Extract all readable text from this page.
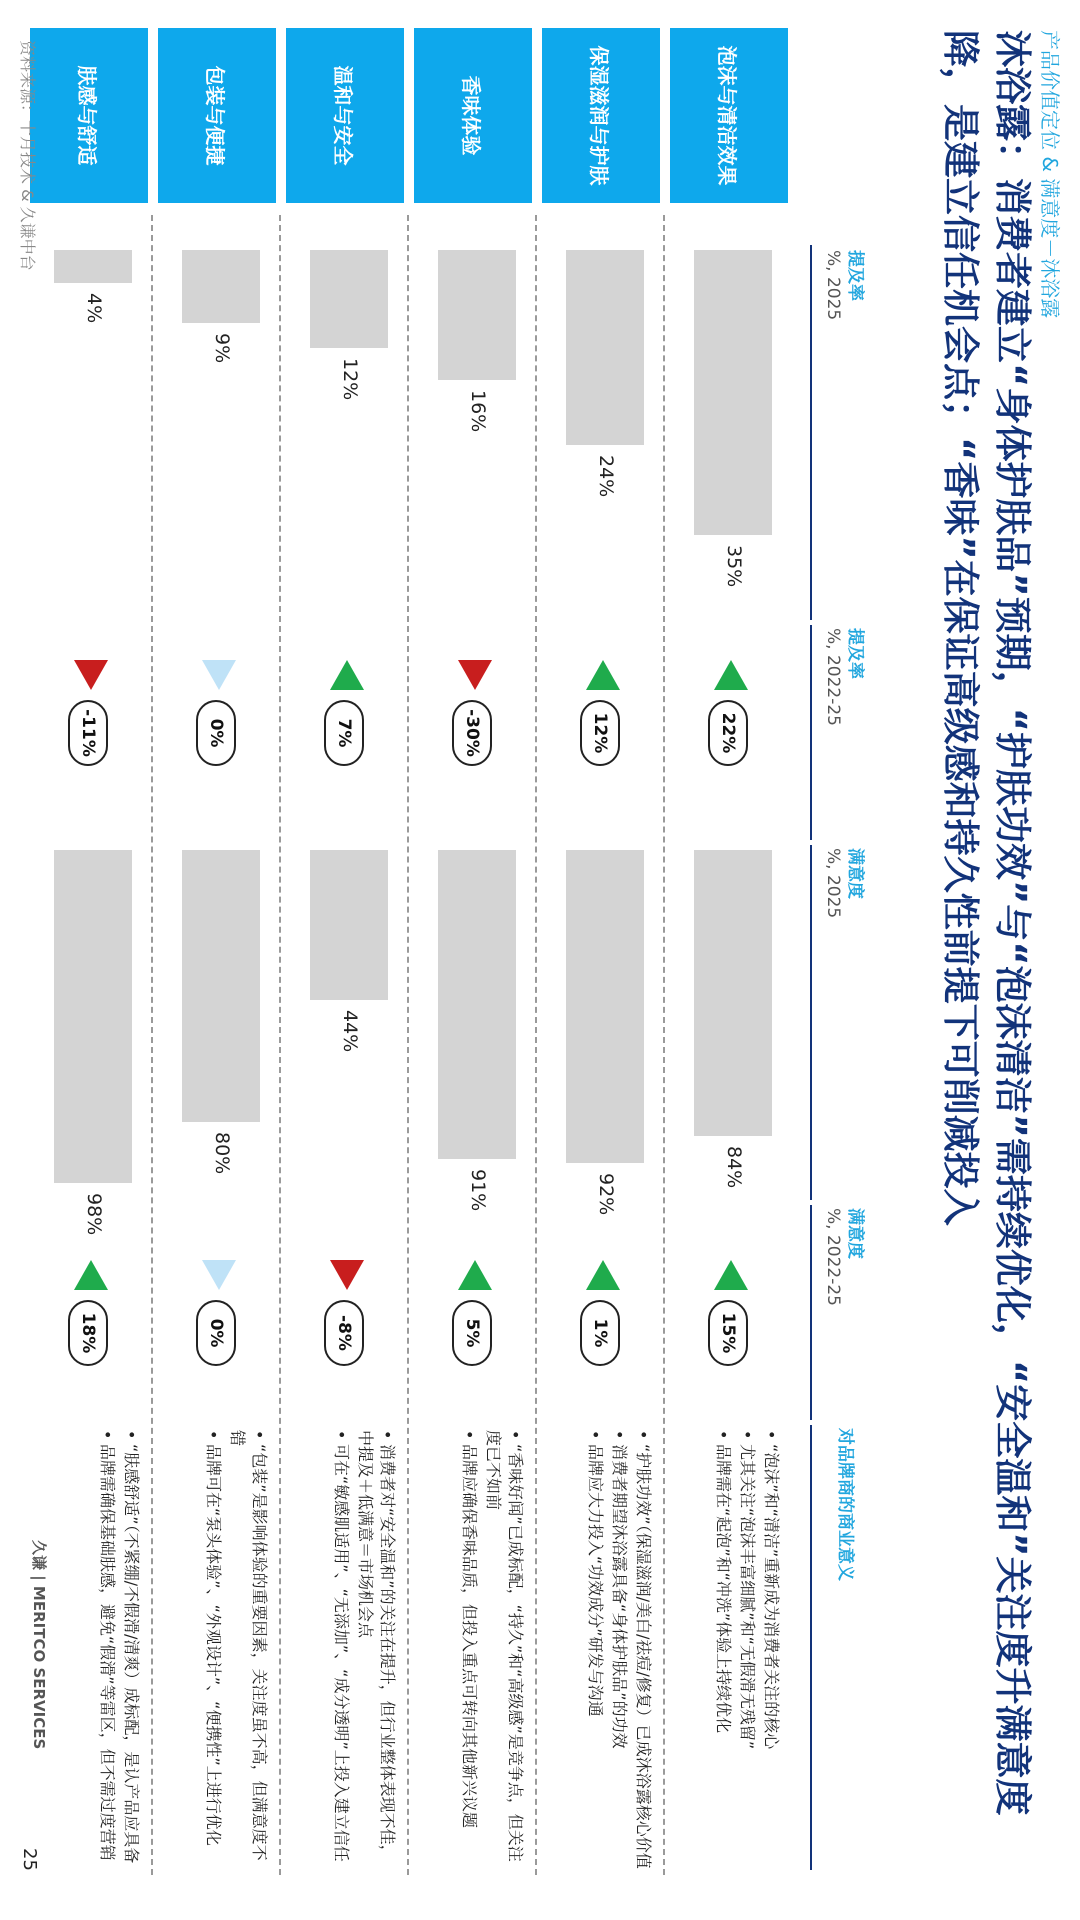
产品价值定位 & 满意度－沐浴露
沐浴露：消费者建立“身体护肤品”预期，“护肤功效”与“泡沫清洁”需持续优化，“安全温和”关注度升满意度降，是建立信任机会点；“香味”在保证高级感和持久性前提下可削减投入
提及率
%, 2025
提及率
%, 2022-25
满意度
%, 2025
满意度
%, 2022-25
对品牌商的商业意义
泡沫与清洁效果
35%
22%
84%
15%
•“泡沫”和“清洁”重新成为消费者关注的核心
•尤其关注“泡沫丰富细腻”和“无假滑无残留”
•品牌需在“起泡”和“冲洗”体验上持续优化
保湿滋润与护肤
24%
12%
92%
1%
•“护肤功效”（保湿滋润/美白/祛痘/修复）已成沐浴露核心价值
•消费者期望沐浴露具备“身体护肤品”的功效
•品牌应大力投入“功效成分”研发与沟通
香味体验
16%
-30%
91%
5%
•“香味好闻”已成标配，“持久”和“高级感”是竞争点，但关注度已不如前
•品牌应确保香味品质，但投入重点可转向其他新兴议题
温和与安全
12%
7%
44%
-8%
•消费者对“安全温和”的关注在提升，但行业整体表现不佳，中提及＋低满意＝市场机会点
•可在“敏感肌适用”、“无添加”、“成分透明”上投入建立信任
包装与便捷
9%
0%
80%
0%
•“包装”是影响体验的重要因素，关注度虽不高，但满意度不错
•品牌可在“泵头体验”、“外观设计”、“便携性”上进行优化
肤感与舒适
4%
-11%
98%
18%
•“肤感舒适”（不紧绷/不假滑/清爽）成标配，是认产品应具备
•品牌需确保基础肤感，避免“假滑”等雷区，但不需过度营销
资料来源：十月技术 & 久谦中台
久谦 | MERITCO SERVICES
25
